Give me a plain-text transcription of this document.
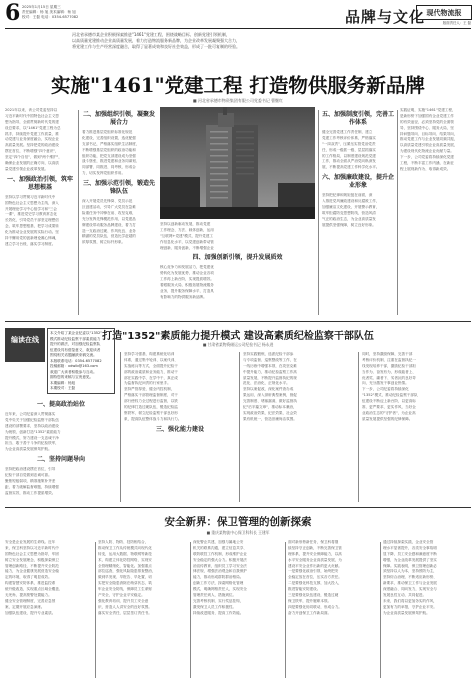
6 2025年1月15日 星期三
责任编辑：杨 旭 美术编辑：杨 旭
校对：王磊 电话：0354-6577082	品牌与文化 现代物流报
版面责任人：王 磊
河北省承德市某企业积极探索推进"1461"党建工程，围绕战略目标、创新党建引领机制，
以高质量党建推动企业高质量发展，着力打造物流服务新品牌，为企业改革发展凝聚强大合力，
将党建工作与生产经营深度融合，取得了显著成效和良好社会效益，形成了一批可复制的经验。
实施"1461"党建工程 打造物供服务新品牌
■ 河北省承德市物资集团有限公司党委书记 曹继红
2021年以来，该公司党委坚持以
习近平新时代中国特色社会主义思
想为指导，全面贯彻新时代党的建
设总要求，以"1461"党建工程为总
抓手，持续提升党建工作质量，推
动党建与业务深度融合，实现企业
高质量发展。坚持把党的政治建设
摆在首位，不断增强"四个意识"，
坚定"四个自信"，做到"两个维护"，
确保企业发展的正确方向，以高质
量党建引领企业改革发展。
一、加强政治引领，筑牢思想根基
坚持以学习贯彻习近平新时代中
国特色社会主义思想为主线，深入
开展理论学习中心组学习和"三会
一课"，推进党史学习教育常态化
长效化，引导党员干部坚定理想信
念，筑牢思想根基，把学习成果转
化为推动企业发展的实际行动。坚
持不懈用党的创新理论凝心铸魂，
建立学习台账，落实学习制度。
二、加强组织引领，凝聚发展合力
着力推进基层党组织标准化规范
化建设，完善组织设置，选优配强
支部书记，严格落实组织生活制度，
不断增强基层党组织的政治功能和
组织功能，把党支部建设成为坚强
战斗堡垒，推进党建和业务同谋划、
同部署、同推进、同考核，形成合
力，切实发挥党组织作用。
三、加强示范引领，锻造先锋队伍
深入开展党员先锋岗、党员示范
区创建活动，引导广大党员在急难
险重任务中冲锋在前、攻坚克难，
充分发挥先锋模范作用，以党建品
牌建设带动服务品牌建设，着力打
造一支政治过硬、作风优良、业务
精湛的党员队伍，营造比学赶超的
浓厚氛围，树立标杆形象。
坚持以创新驱动发展，推动党建
工作理念、方法、载体创新，运用
"互联网+党建"模式，提升党建工
作信息化水平，以党建创新带动管
理创新、服务创新，不断增强企业
四、加强创新引领，提升发展质效
核心竞争力和发展活力，把党建优
势转化为发展优势，推动企业各项
工作再上新台阶，实现提质增效。
着眼服务大局，积极拓展物流服务
业务，提升服务保障水平，打造具
有影响力的物供服务新品牌。
五、加强制度引领，完善工作体系
健全完善党建工作责任制，建立
党建工作考核评价体系，严格落实
"一岗双责"，压紧压实管党治党责
任，形成一级抓一级、层层抓落实
的工作格局，以制度建设规范党建
工作，推动全面从严治党向纵深发
展，不断提高党建工作科学化水平。
六、加强廉政建设，提升企业形象
坚持把纪律和规矩挺在前面，深
入推进党风廉政建设和反腐败工作，
加强廉洁文化建设，开展警示教育，
筑牢拒腐防变思想防线，营造风清
气正的政治生态，为企业高质量发
展提供坚强保障，树立良好形象。
实践证明，实施"1461"党建工程，
是新形势下加强国有企业党建工作
的有效途径，必须坚持党的全面领
导，坚持围绕中心、服务大局，坚
持问题导向、目标导向、结果导向，
推动党建工作与企业发展同频共振，
以高质量党建引领企业高质量发展，
为建设现代化物流企业贡献力量。
下一步，公司党委将持续深化党建
工程，不断丰富工作内涵，在新征
程上展现新作为、取得新成效。
打造"1352"素质能力提升模式 建设高素质纪检监察干部队伍
■ 甘肃省某物资储运公司纪检书记 杨永进
编读在线
本文介绍了某企业纪委以"1352"
模式推动纪检监察干部素质能力
提升的做法，对加强纪检监察队
伍建设具有借鉴意义，欢迎读者
围绕相关话题踊跃来稿交流。
本版联系电话：0354-6577082
投稿邮箱：xdwlb@163.com
欢迎广大读者积极参与互动。
期待您的来稿与宝贵意见。
本期编辑：杨旭
本期校对：王磊
一、提高政治站位
近年来，公司纪委深入贯彻落实
党中央关于加强纪检监察干部队伍
建设的部署要求，坚持以政治建设
为统领，创新打造"1352"素质能力
提升模式，努力建设一支忠诚干净
担当、敢于善于斗争的纪检铁军，
为企业高质量发展保驾护航。
二、坚持问题导向
坚持把政治建设摆在首位，引导
纪检干部自觉做到忠诚可靠。
聚焦短板弱项，精准施策补齐差
距，着力破解监督难题，持续增强
监督实效，推动工作提质增效。
坚持学习强基，构建系统化培训
体系，通过集中轮训、以案代训、
实战练兵等方式，全面提升纪检干
部的政治素质和业务能力，推动干
部在实践中学、在学中干，真正成
为监督执纪问责的行家里手。
坚持严管厚爱，健全内控机制，
严格落实干部管理监督制度，对干
部行使权力全过程进行监督，以铁
的纪律打造过硬队伍，锻造纪检监
察铁军，树立纪检监察干部良好形
象，提高队伍整体战斗力和执行力。
三、强化能力建设
坚持实践锻炼，选派纪检干部参
与专项监督、巡察整改等工作，在
一线历练中增强本领，在攻坚克难
中提升能力，推动纪检监察工作高
质量发展，不断提升监督执纪的规
范化、法治化、正规化水平。
坚持以案促改，深化案件查办成
果运用，深入剖析典型案例，督促
完善制度、堵塞漏洞，做好监督执
纪"后半篇文章"，推动标本兼治，
实现政治效果、纪法效果、社会效
果有机统一，营造崇廉尚洁氛围。
同时，坚持激励保障，完善干部
考核评价机制，注重在监督执纪一
线发现培养干部，激励纪检干部担
当作为、奋发有为，形成能者上、
优者奖、庸者下、劣者汰的良好导
向，充分激发干事创业热情。
下一步，公司纪委将持续深化
"1352"模式，推动纪检监察干部队
伍建设不断迈上新台阶，以更高标
准、更严要求、更实作风，当好企
业政治生态的"守护者"，为企业高
质量发展提供坚强的纪律保障。
安全新界：保卫管理的创新探索
■ 重庆某物流中心保卫科科长 王建军
安全是企业发展的生命线。近年
来，保卫科坚持以习近平新时代中
国特色社会主义思想为指导，牢固
树立安全发展理念，积极探索保卫
管理创新路径，不断提升安全防范
能力，为企业健康发展营造安全稳
定的环境，取得了明显成效。
构建智慧安防体系，推进监控系
统升级改造，实现重点区域全覆盖、
无死角，提高预警处置能力。
健全安全管理制度，完善应急预
案，定期开展应急演练。
加强队伍建设，提升专业素质。
坚持人防、物防、技防相结合，
推动保卫工作从传统模式向现代化
转变，运用大数据、物联网等新技
术，构建立体化防控网络，实现安
全管理精细化、智能化。加强重点
部位巡查，强化风险隐患排查整治，
做到早发现、早报告、早处置，切
实把安全隐患消除在萌芽状态，筑
牢企业安全防线，保障员工生命财
产安全，守护企业平安稳定。
强化教育培训，提升员工安全意
识，营造人人讲安全的良好氛围。
落实安全责任，层层签订责任书。
深化警企共建，加强与属地公安
机关的联系沟通，建立信息共享、
联防联控工作机制，形成维护企业
安全稳定的强大合力。积极开展法
治宣传教育，组织员工学习安全法
律法规，增强法治观念和自我保护
能力，推动形成群防群治格局。
创新工作方法，探索网格化管理
模式，明确网格责任人，实现安全
管理责任到人、措施到位。
完善考核机制，实行奖惩挂钩，
激发保卫人员工作积极性。
持续改进服务，提高工作效能。
面对新形势新任务，保卫科将继
续坚持守正创新，不断完善保卫管
理体系，提升安全保障能力，以高
水平安全服务企业高质量发展，为
建设平安企业作出新的更大贡献。
一是要强化政治引领，始终把安
全稳定放在首位，压实各方责任。
二是要强化科技支撑，加大投入，
推进智能安防建设。
三是要强化队伍建设，锻造过硬
保卫铁军，提升履职本领。
四是要强化协同联动，形成合力。
奋力开创保卫工作新局面。
通过持续探索实践，企业安全管
理水平显著提升，各类安全事故明
显下降，员工安全感和满意度不断
增强，为企业改革发展提供了坚实
保障。实践表明，保卫管理创新必
须坚持以人为本，坚持预防为主，
坚持综合治理，不断适应新形势、
新要求，推动保卫工作与企业发展
深度融合、同向发力，实现安全与
发展良性互动，共同促进。
未来，我们将以更加务实的作风，
更加有力的举措，守护企业平安。
为企业高质量发展保驾护航。
